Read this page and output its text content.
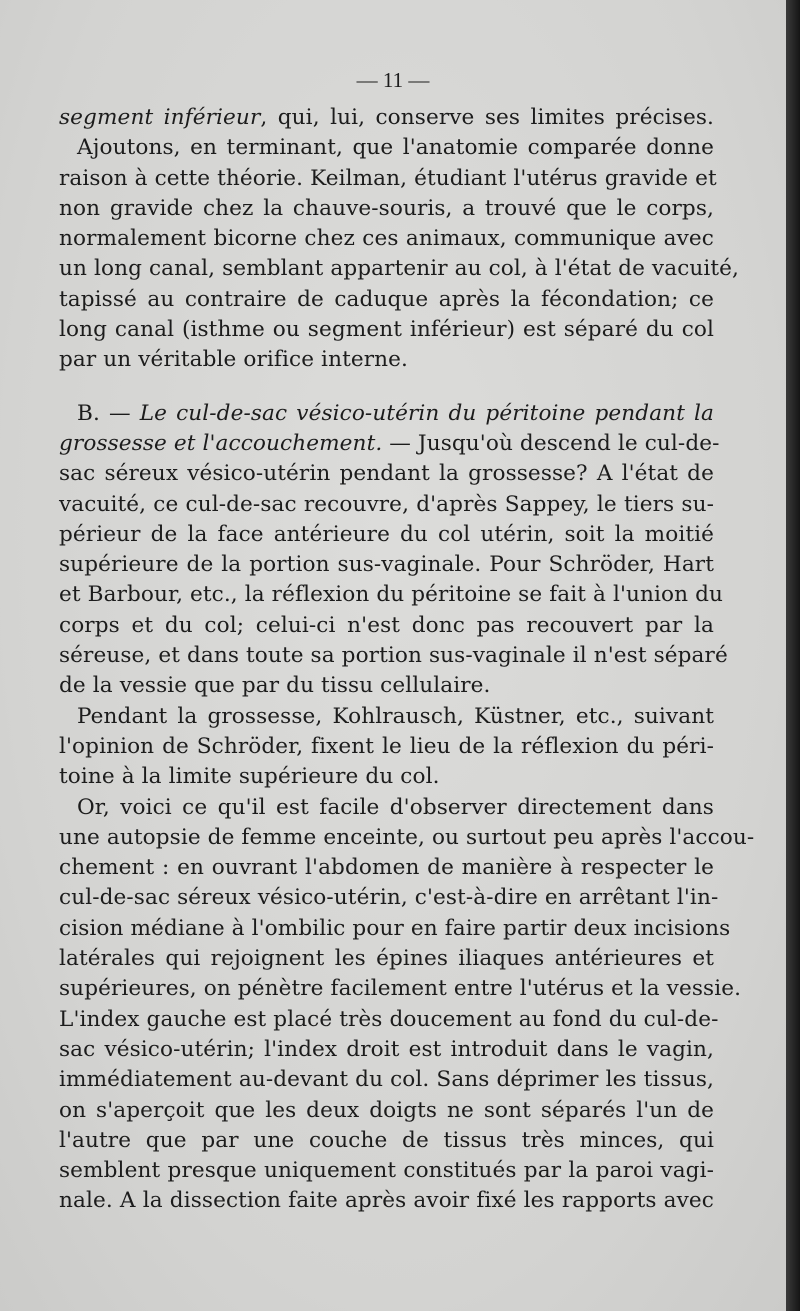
— 11 —
segment inférieur, qui, lui, conserve ses limites précises.
Ajoutons, en terminant, que l'anatomie comparée donne
raison à cette théorie. Keilman, étudiant l'utérus gravide et
non gravide chez la chauve-souris, a trouvé que le corps,
normalement bicorne chez ces animaux, communique avec
un long canal, semblant appartenir au col, à l'état de vacuité,
tapissé au contraire de caduque après la fécondation; ce
long canal (isthme ou segment inférieur) est séparé du col
par un véritable orifice interne.
B. — Le cul-de-sac vésico-utérin du péritoine pendant la
grossesse et l'accouchement. — Jusqu'où descend le cul-de-
sac séreux vésico-utérin pendant la grossesse? A l'état de
vacuité, ce cul-de-sac recouvre, d'après Sappey, le tiers su-
périeur de la face antérieure du col utérin, soit la moitié
supérieure de la portion sus-vaginale. Pour Schröder, Hart
et Barbour, etc., la réflexion du péritoine se fait à l'union du
corps et du col; celui-ci n'est donc pas recouvert par la
séreuse, et dans toute sa portion sus-vaginale il n'est séparé
de la vessie que par du tissu cellulaire.
Pendant la grossesse, Kohlrausch, Küstner, etc., suivant
l'opinion de Schröder, fixent le lieu de la réflexion du péri-
toine à la limite supérieure du col.
Or, voici ce qu'il est facile d'observer directement dans
une autopsie de femme enceinte, ou surtout peu après l'accou-
chement : en ouvrant l'abdomen de manière à respecter le
cul-de-sac séreux vésico-utérin, c'est-à-dire en arrêtant l'in-
cision médiane à l'ombilic pour en faire partir deux incisions
latérales qui rejoignent les épines iliaques antérieures et
supérieures, on pénètre facilement entre l'utérus et la vessie.
L'index gauche est placé très doucement au fond du cul-de-
sac vésico-utérin; l'index droit est introduit dans le vagin,
immédiatement au-devant du col. Sans déprimer les tissus,
on s'aperçoit que les deux doigts ne sont séparés l'un de
l'autre que par une couche de tissus très minces, qui
semblent presque uniquement constitués par la paroi vagi-
nale. A la dissection faite après avoir fixé les rapports avec
